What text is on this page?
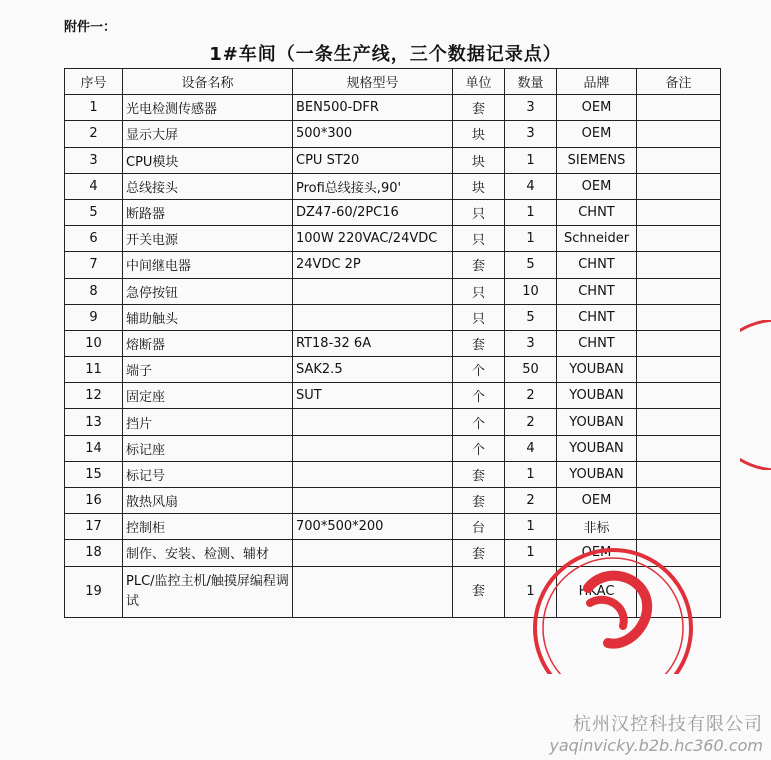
附件一：
1#车间（一条生产线，三个数据记录点）
序号	设备名称	规格型号	单位	数量	品牌	备注
1	光电检测传感器	BEN500-DFR	套	3	OEM	
2	显示大屏	500*300	块	3	OEM	
3	CPU模块	CPU ST20	块	1	SIEMENS	
4	总线接头	Profi总线接头,90'	块	4	OEM	
5	断路器	DZ47-60/2PC16	只	1	CHNT	
6	开关电源	100W 220VAC/24VDC	只	1	Schneider	
7	中间继电器	24VDC 2P	套	5	CHNT	
8	急停按钮		只	10	CHNT	
9	辅助触头		只	5	CHNT	
10	熔断器	RT18-32 6A	套	3	CHNT	
11	端子	SAK2.5	个	50	YOUBAN	
12	固定座	SUT	个	2	YOUBAN	
13	挡片		个	2	YOUBAN	
14	标记座		个	4	YOUBAN	
15	标记号		套	1	YOUBAN	
16	散热风扇		套	2	OEM	
17	控制柜	700*500*200	台	1	非标	
18	制作、安装、检测、辅材		套	1	OEM	
19	PLC/监控主机/触摸屏编程调试		套	1	HKAC	
杭州汉控科技有限公司
yaqinvicky.b2b.hc360.com
